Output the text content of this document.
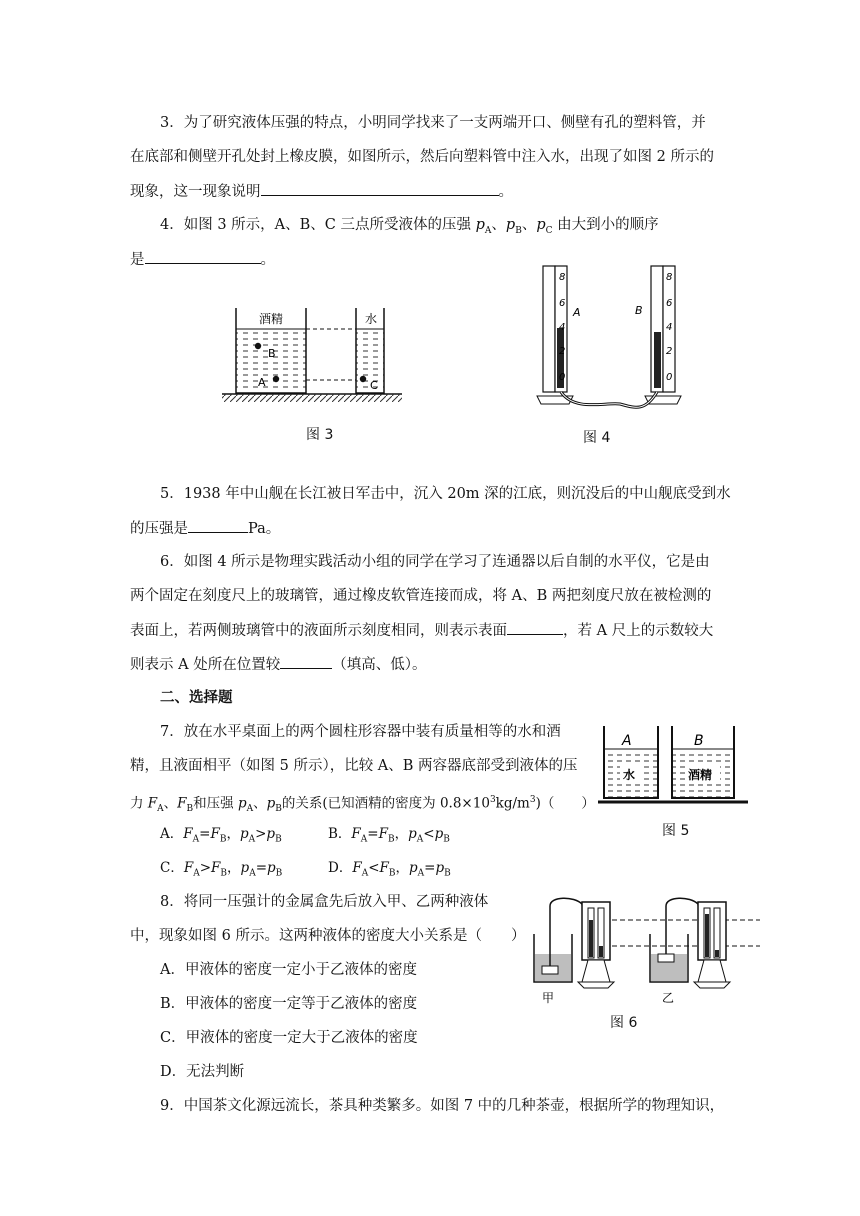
3．为了研究液体压强的特点，小明同学找来了一支两端开口、侧壁有孔的塑料管，并
在底部和侧壁开孔处封上橡皮膜，如图所示，然后向塑料管中注入水，出现了如图 2 所示的
现象，这一现象说明	。
4．如图 3 所示，A、B、C 三点所受液体的压强 $p_A$、$p_B$、$p_C$ 由大到小的顺序
是	。
酒精	水
B
A	C
图 3
8
6
4
2
0
A
8
6
4
2
0
B
图 4
5．1938 年中山舰在长江被日军击中，沉入 20m 深的江底，则沉没后的中山舰底受到水
的压强是	Pa。
6．如图 4 所示是物理实践活动小组的同学在学习了连通器以后自制的水平仪，它是由
两个固定在刻度尺上的玻璃管，通过橡皮软管连接而成，将 A、B 两把刻度尺放在被检测的
表面上，若两侧玻璃管中的液面所示刻度相同，则表示表面	，若 A 尺上的示数较大
则表示 A 处所在位置较	（填高、低）。
二、选择题
7．放在水平桌面上的两个圆柱形容器中装有质量相等的水和酒
精，且液面相平（如图 5 所示），比较 A、B 两容器底部受到液体的压
力 $F_A$、$F_B$和压强 $p_A$、$p_B$的关系(已知酒精的密度为 $0.8\times 10^3kg/m^3$)（　　）
A．$F_A=F_B$，$p_A>p_B$	B．$F_A=F_B$，$p_A<p_B$
C．$F_A>F_B$，$p_A=p_B$	D．$F_A<F_B$，$p_A=p_B$
A	B
水	酒精
图 5
8．将同一压强计的金属盒先后放入甲、乙两种液体
中，现象如图 6 所示。这两种液体的密度大小关系是（　　）
A．甲液体的密度一定小于乙液体的密度
B．甲液体的密度一定等于乙液体的密度
C．甲液体的密度一定大于乙液体的密度
D．无法判断
甲	乙
图 6
9．中国茶文化源远流长，茶具种类繁多。如图 7 中的几种茶壶，根据所学的物理知识，
